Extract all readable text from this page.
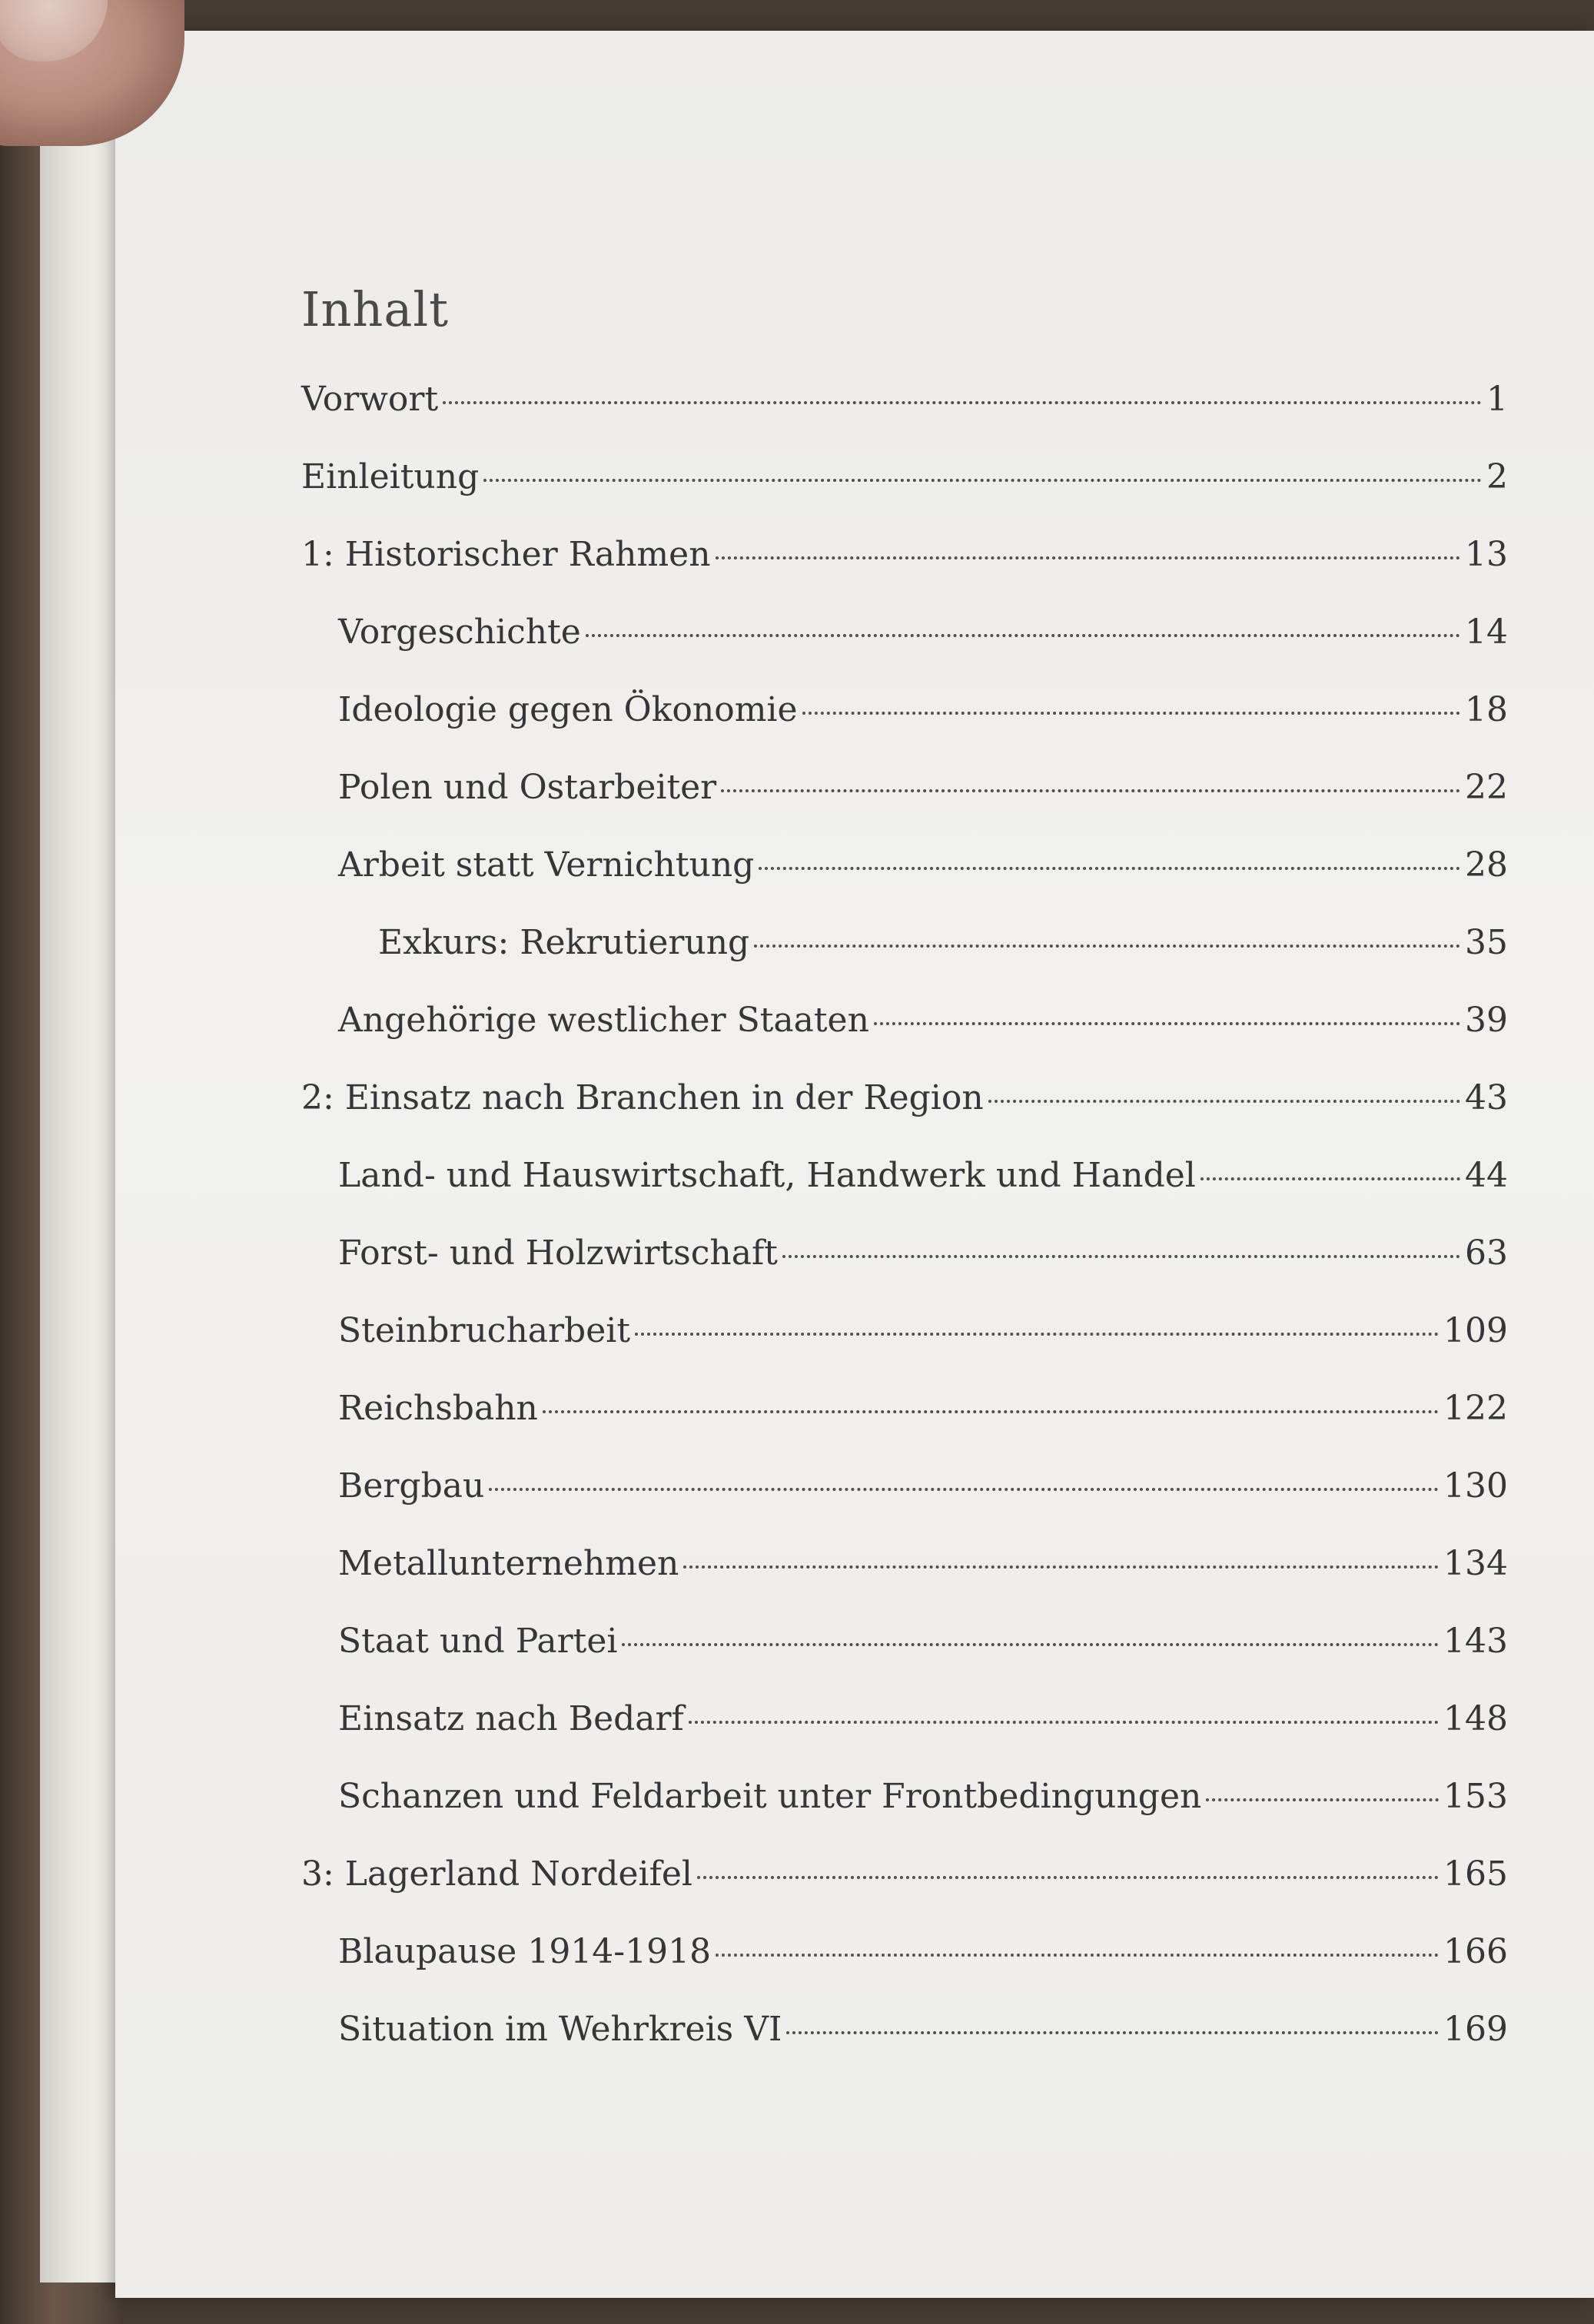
Inhalt
Vorwort	1
Einleitung	2
1: Historischer Rahmen	13
Vorgeschichte	14
Ideologie gegen Ökonomie	18
Polen und Ostarbeiter	22
Arbeit statt Vernichtung	28
Exkurs: Rekrutierung	35
Angehörige westlicher Staaten	39
2: Einsatz nach Branchen in der Region	43
Land- und Hauswirtschaft, Handwerk und Handel	44
Forst- und Holzwirtschaft	63
Steinbrucharbeit	109
Reichsbahn	122
Bergbau	130
Metallunternehmen	134
Staat und Partei	143
Einsatz nach Bedarf	148
Schanzen und Feldarbeit unter Frontbedingungen	153
3: Lagerland Nordeifel	165
Blaupause 1914-1918	166
Situation im Wehrkreis VI	169
